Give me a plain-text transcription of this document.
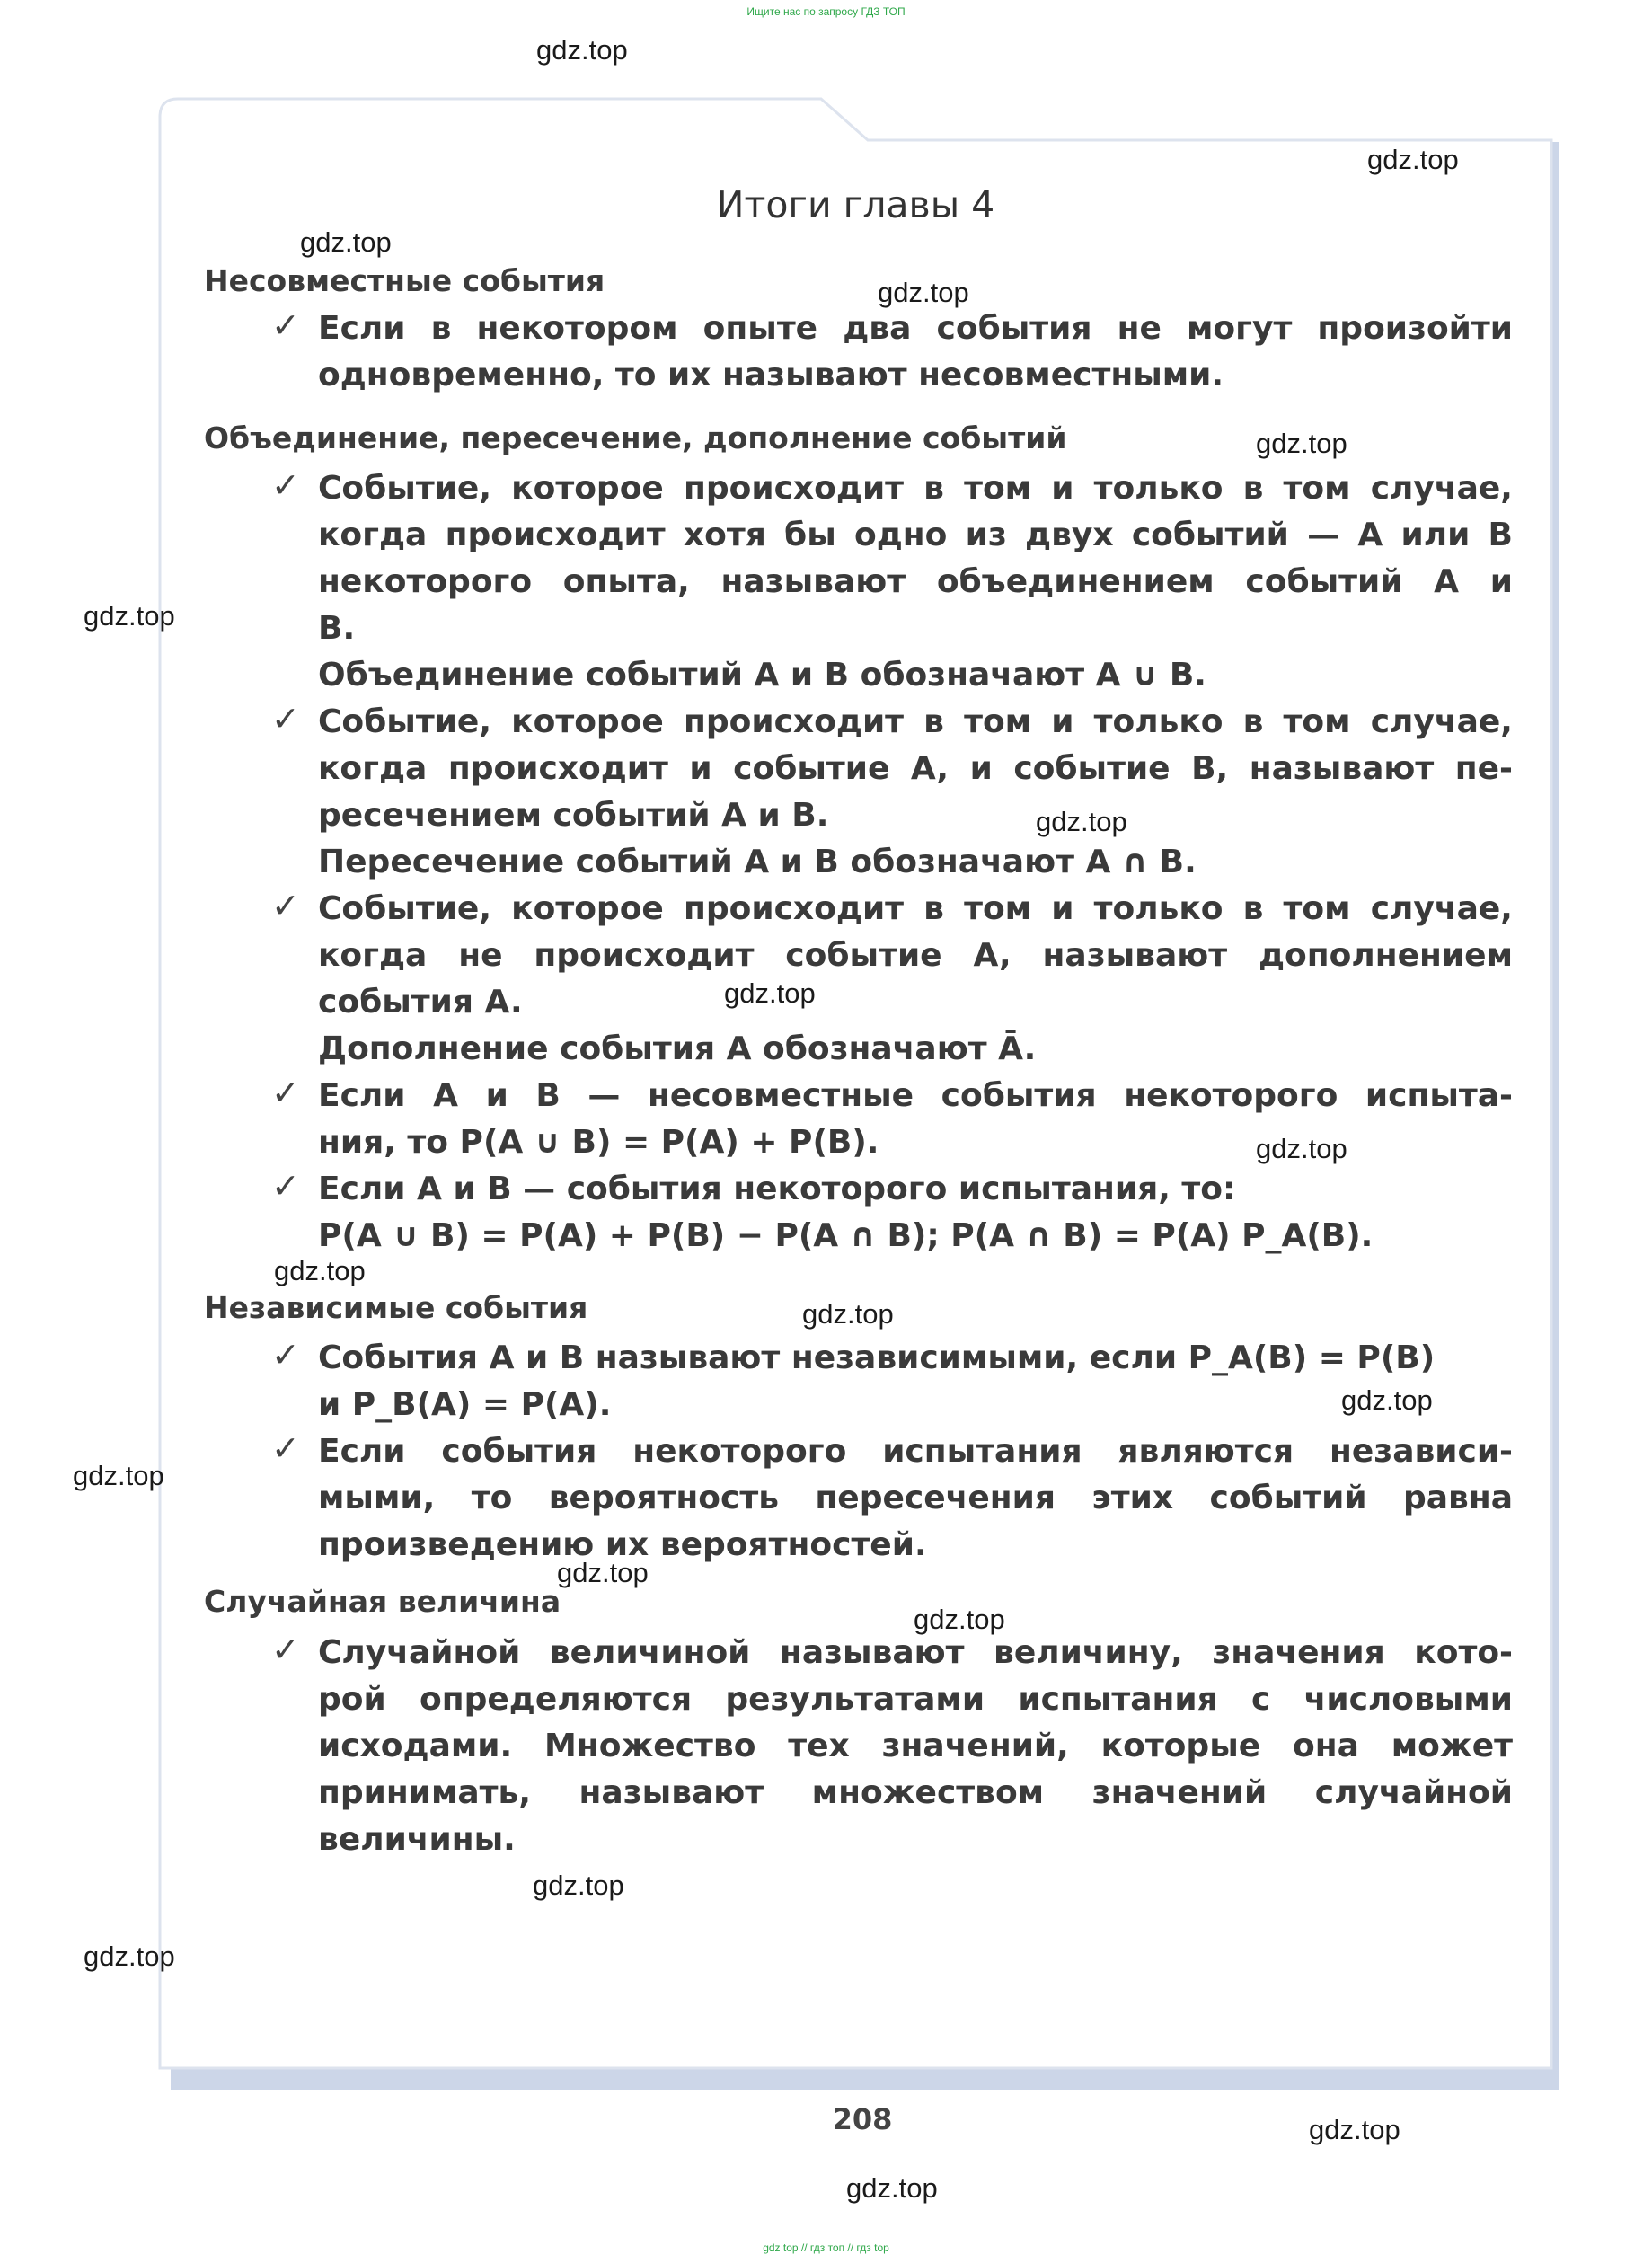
Ищите нас по запросу ГДЗ ТОП
Итоги главы 4
Несовместные события
✓ Если в некотором опыте два события не могут произойти
одновременно, то их называют несовместными.
Объединение, пересечение, дополнение событий
✓ Событие, которое происходит в том и только в том случае,
когда происходит хотя бы одно из двух событий — A или B
некоторого опыта, называют объединением событий A и
B.
Объединение событий A и B обозначают A ∪ B.
✓ Событие, которое происходит в том и только в том случае,
когда происходит и событие A, и событие B, называют пе-
ресечением событий A и B.
Пересечение событий A и B обозначают A ∩ B.
✓ Событие, которое происходит в том и только в том случае,
когда не происходит событие A, называют дополнением
события A.
Дополнение события A обозначают Ā.
✓ Если A и B — несовместные события некоторого испыта-
ния, то P(A ∪ B) = P(A) + P(B).
✓ Если A и B — события некоторого испытания, то:
P(A ∪ B) = P(A) + P(B) − P(A ∩ B); P(A ∩ B) = P(A) P_A(B).
Независимые события
✓ События A и B называют независимыми, если P_A(B) = P(B)
и P_B(A) = P(A).
✓ Если события некоторого испытания являются независи-
мыми, то вероятность пересечения этих событий равна
произведению их вероятностей.
Случайная величина
✓ Случайной величиной называют величину, значения кото-
рой определяются результатами испытания с числовыми
исходами. Множество тех значений, которые она может
принимать, называют множеством значений случайной
величины.
208
gdz.top
gdz.top
gdz.top
gdz.top
gdz.top
gdz.top
gdz.top
gdz.top
gdz.top
gdz.top
gdz.top
gdz.top
gdz.top
gdz.top
gdz.top
gdz.top
gdz.top
gdz.top
gdz.top
gdz top // гдз топ // гдз top
